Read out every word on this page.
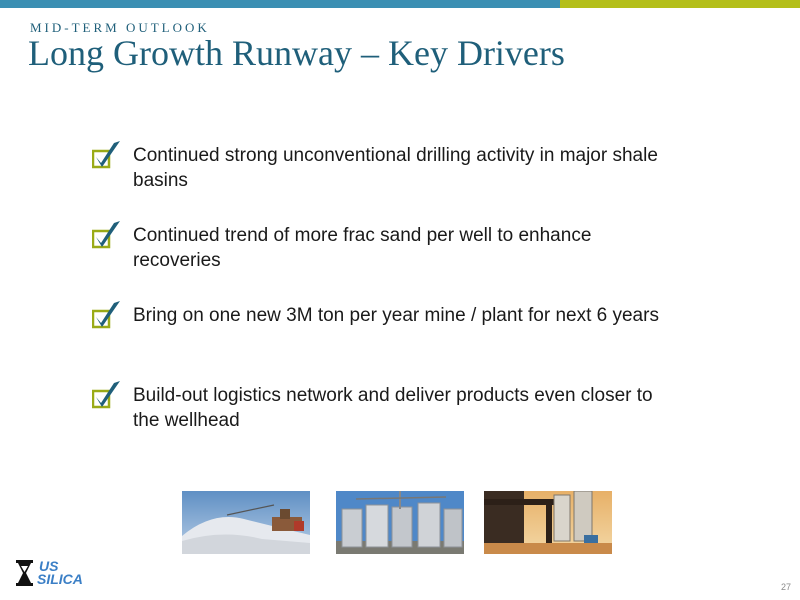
MID-TERM OUTLOOK
Long Growth Runway – Key Drivers
Continued strong unconventional drilling activity in major shale basins
Continued trend of more frac sand per well to enhance recoveries
Bring on one new 3M ton per year mine / plant for next 6 years
Build-out logistics network and deliver products even closer to the wellhead
US
SILICA	27
